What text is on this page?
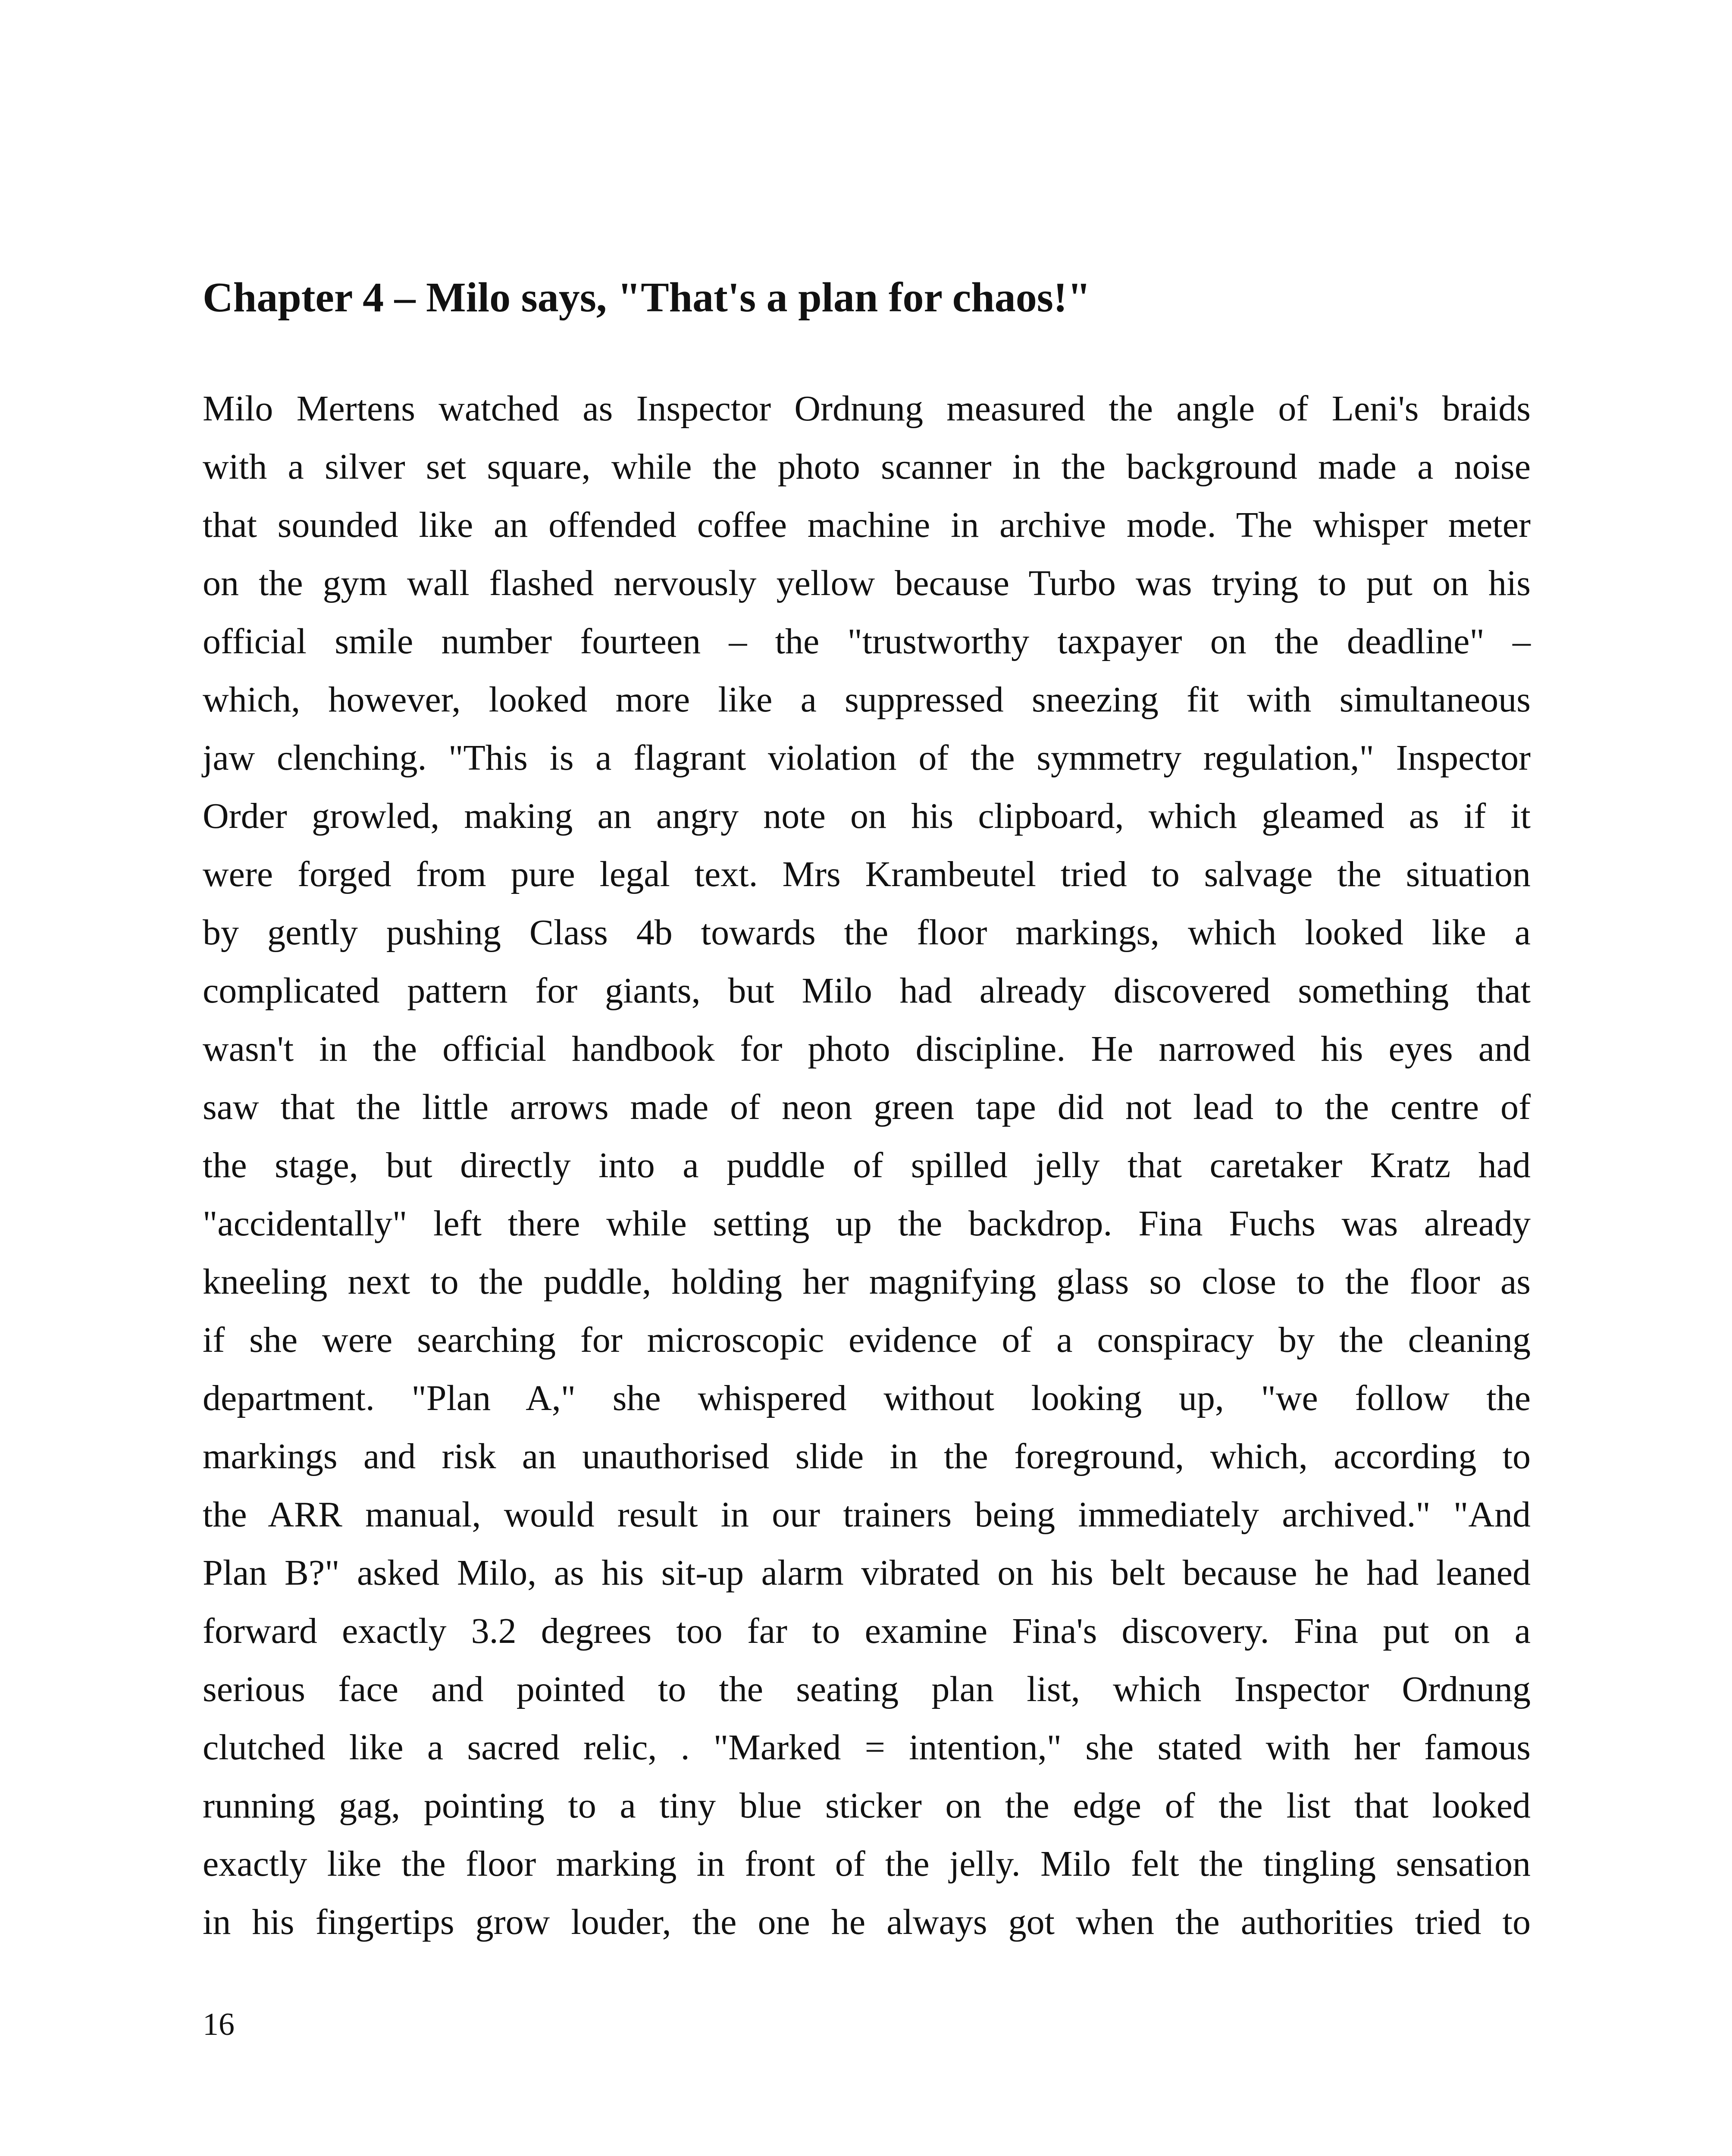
Chapter 4 – Milo says, "That's a plan for chaos!"
Milo Mertens watched as Inspector Ordnung measured the angle of Leni's braids
with a silver set square, while the photo scanner in the background made a noise
that sounded like an offended coffee machine in archive mode. The whisper meter
on the gym wall flashed nervously yellow because Turbo was trying to put on his
official smile number fourteen – the "trustworthy taxpayer on the deadline" –
which, however, looked more like a suppressed sneezing fit with simultaneous
jaw clenching. "This is a flagrant violation of the symmetry regulation," Inspector
Order growled, making an angry note on his clipboard, which gleamed as if it
were forged from pure legal text. Mrs Krambeutel tried to salvage the situation
by gently pushing Class 4b towards the floor markings, which looked like a
complicated pattern for giants, but Milo had already discovered something that
wasn't in the official handbook for photo discipline. He narrowed his eyes and
saw that the little arrows made of neon green tape did not lead to the centre of
the stage, but directly into a puddle of spilled jelly that caretaker Kratz had
"accidentally" left there while setting up the backdrop. Fina Fuchs was already
kneeling next to the puddle, holding her magnifying glass so close to the floor as
if she were searching for microscopic evidence of a conspiracy by the cleaning
department. "Plan A," she whispered without looking up, "we follow the
markings and risk an unauthorised slide in the foreground, which, according to
the ARR manual, would result in our trainers being immediately archived." "And
Plan B?" asked Milo, as his sit-up alarm vibrated on his belt because he had leaned
forward exactly 3.2 degrees too far to examine Fina's discovery. Fina put on a
serious face and pointed to the seating plan list, which Inspector Ordnung
clutched like a sacred relic, . "Marked = intention," she stated with her famous
running gag, pointing to a tiny blue sticker on the edge of the list that looked
exactly like the floor marking in front of the jelly. Milo felt the tingling sensation
in his fingertips grow louder, the one he always got when the authorities tried to
16
